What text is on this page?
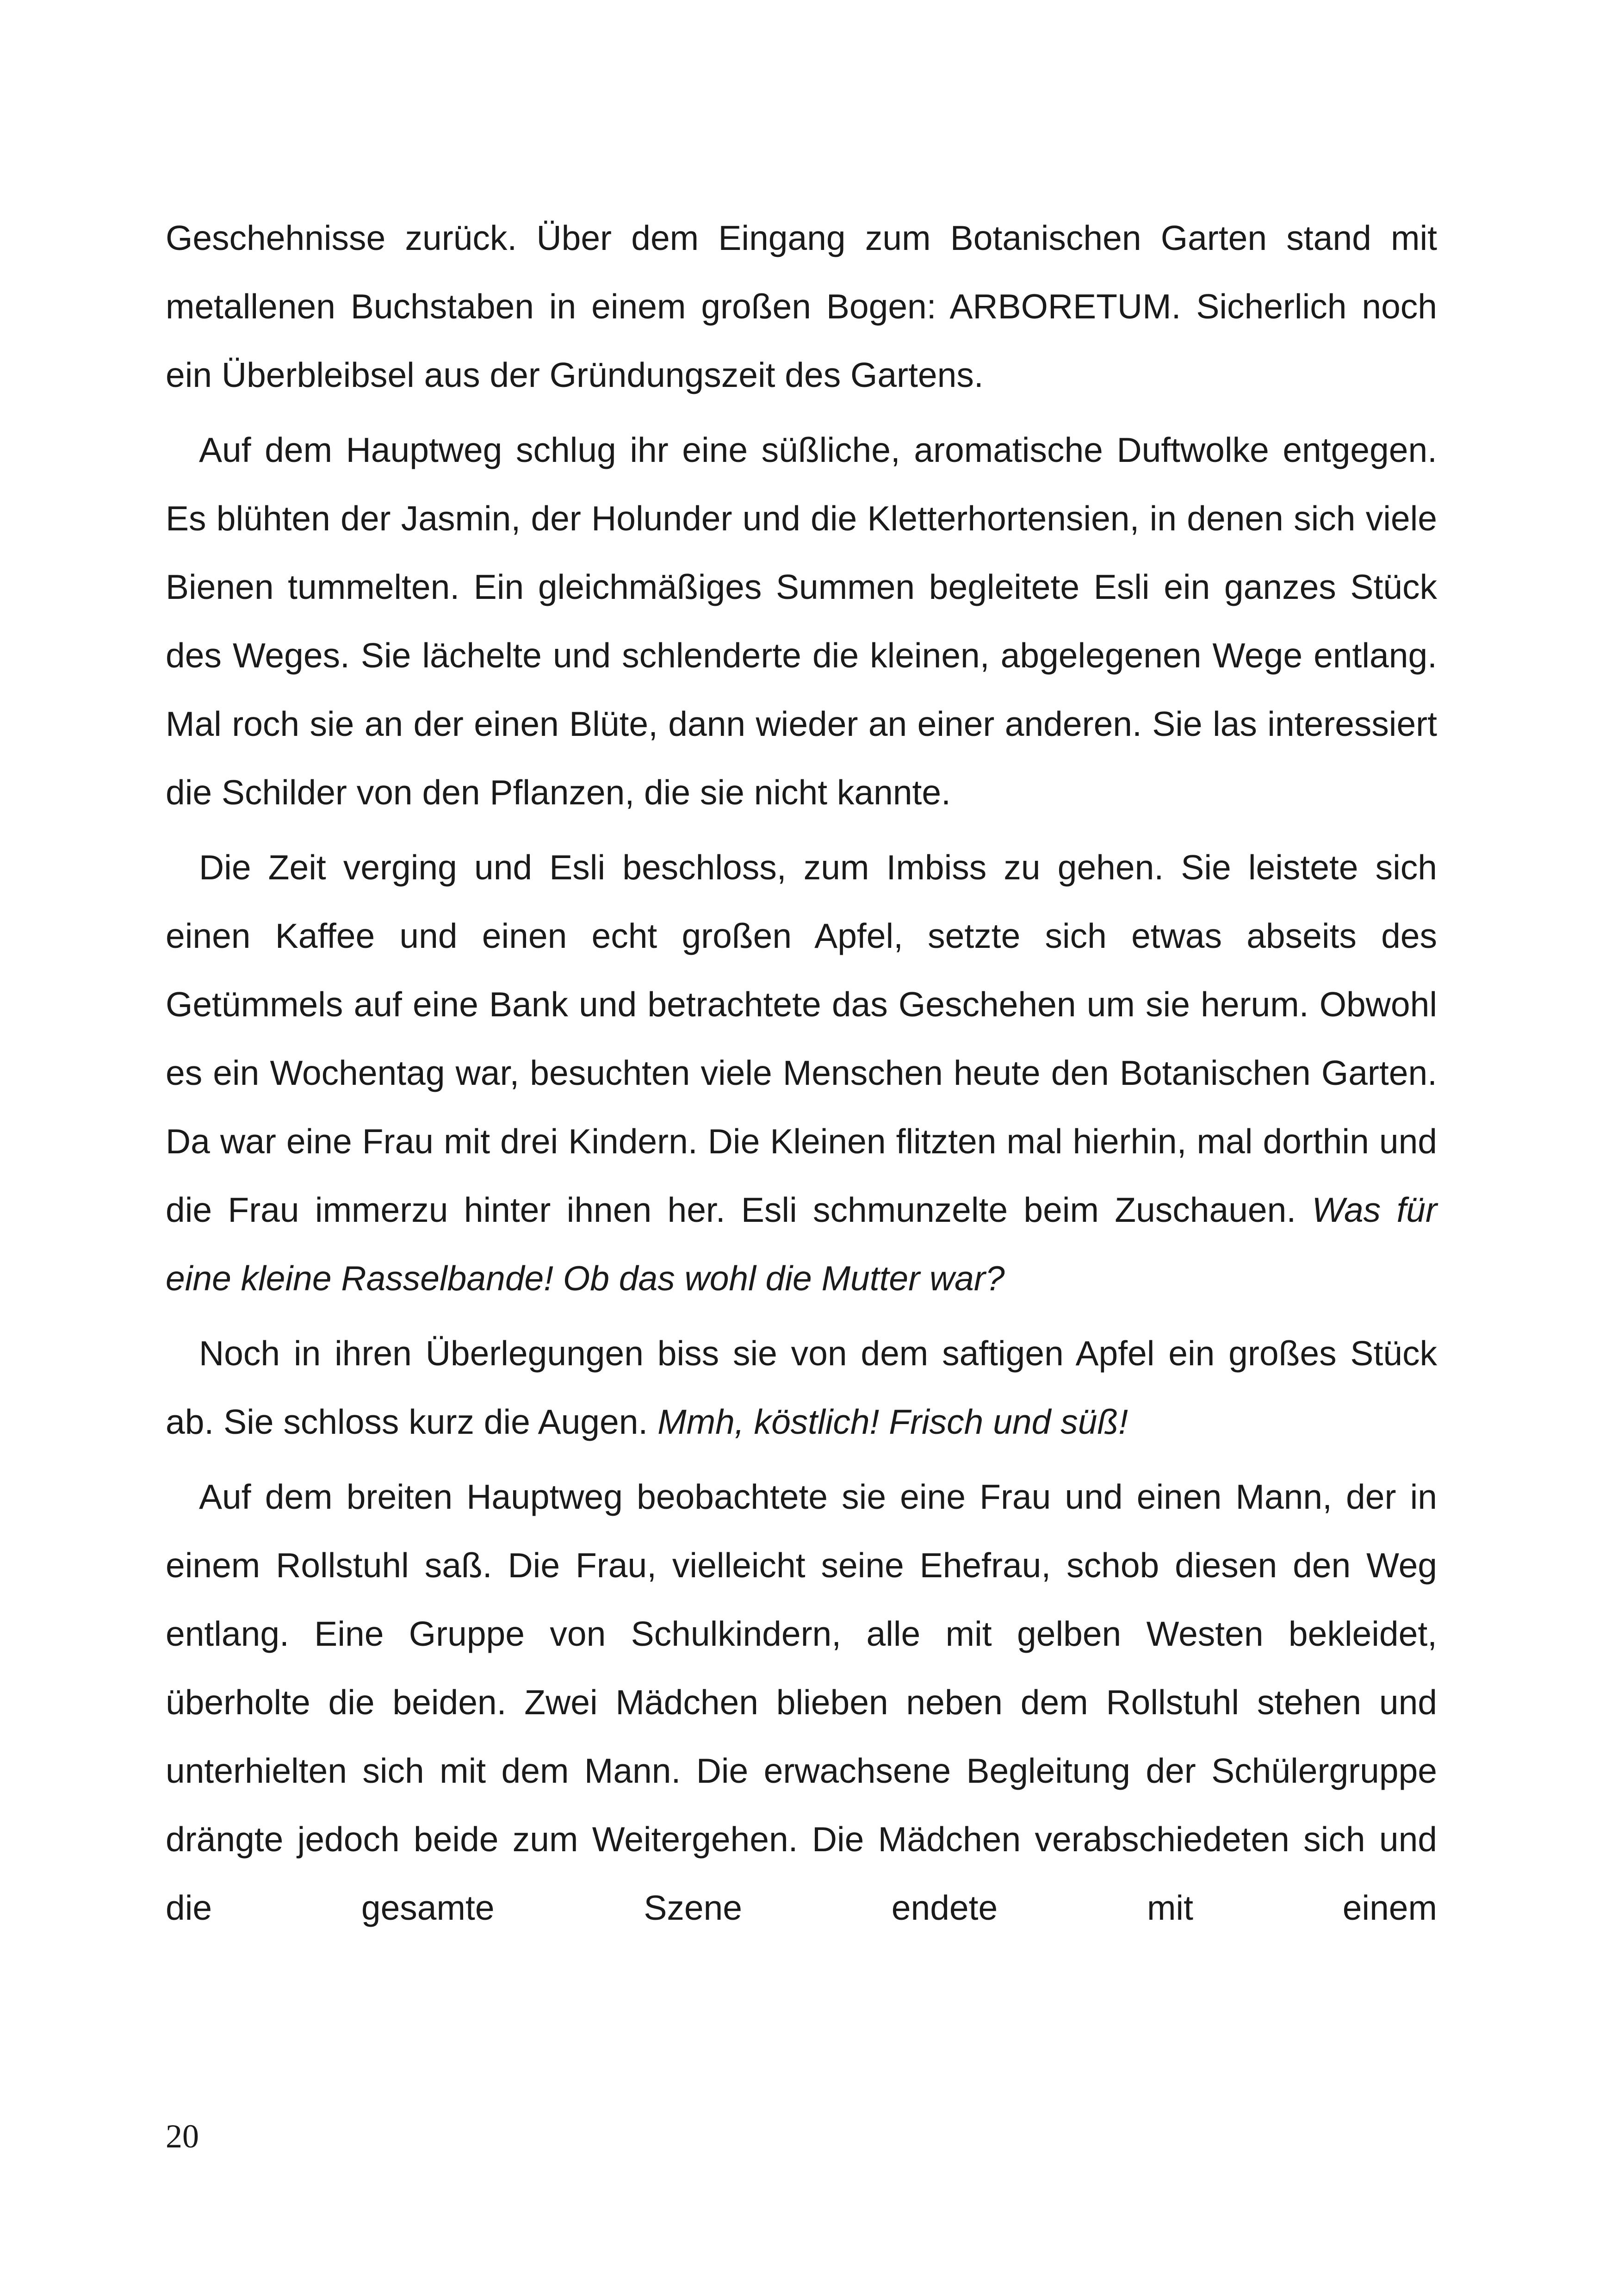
Geschehnisse zurück. Über dem Eingang zum Botanischen Garten stand mit metallenen Buchstaben in einem großen Bogen: ARBORETUM. Sicherlich noch ein Überbleibsel aus der Gründungszeit des Gartens.

Auf dem Hauptweg schlug ihr eine süßliche, aromatische Duftwolke entgegen. Es blühten der Jasmin, der Holunder und die Kletterhortensien, in denen sich viele Bienen tummelten. Ein gleichmäßiges Summen begleitete Esli ein ganzes Stück des Weges. Sie lächelte und schlenderte die kleinen, abgelegenen Wege entlang. Mal roch sie an der einen Blüte, dann wieder an einer anderen. Sie las interessiert die Schilder von den Pflanzen, die sie nicht kannte.

Die Zeit verging und Esli beschloss, zum Imbiss zu gehen. Sie leistete sich einen Kaffee und einen echt großen Apfel, setzte sich etwas abseits des Getümmels auf eine Bank und betrachtete das Geschehen um sie herum. Obwohl es ein Wochentag war, besuchten viele Menschen heute den Botanischen Garten. Da war eine Frau mit drei Kindern. Die Kleinen flitzten mal hierhin, mal dorthin und die Frau immerzu hinter ihnen her. Esli schmunzelte beim Zuschauen. Was für eine kleine Rasselbande! Ob das wohl die Mutter war?

Noch in ihren Überlegungen biss sie von dem saftigen Apfel ein großes Stück ab. Sie schloss kurz die Augen. Mmh, köstlich! Frisch und süß!

Auf dem breiten Hauptweg beobachtete sie eine Frau und einen Mann, der in einem Rollstuhl saß. Die Frau, vielleicht seine Ehefrau, schob diesen den Weg entlang. Eine Gruppe von Schulkindern, alle mit gelben Westen bekleidet, überholte die beiden. Zwei Mädchen blieben neben dem Rollstuhl stehen und unterhielten sich mit dem Mann. Die erwachsene Begleitung der Schülergruppe drängte jedoch beide zum Weitergehen. Die Mädchen verabschiedeten sich und die gesamte Szene endete mit einem

20
